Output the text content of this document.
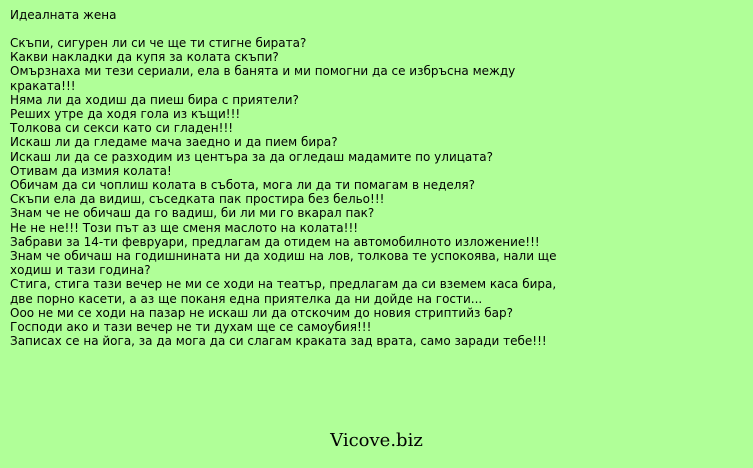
Идеалната жена
Скъпи, сигурен ли си че ще ти стигне бирата?
Какви накладки да купя за колата скъпи?
Омързнаха ми тези сериали, ела в банята и ми помогни да се избръсна между краката!!!
Няма ли да ходиш да пиеш бира с приятели?
Реших утре да ходя гола из къщи!!!
Толкова си секси като си гладен!!!
Искаш ли да гледаме мача заедно и да пием бира?
Искаш ли да се разходим из центъра за да огледаш мадамите по улицата?
Отивам да измия колата!
Обичам да си чоплиш колата в събота, мога ли да ти помагам в неделя?
Скъпи ела да видиш, съседката пак простира без бельо!!!
Знам че не обичаш да го вадиш, би ли ми го вкарал пак?
Не не не!!! Този път аз ще сменя маслото на колата!!!
Забрави за 14-ти февруари, предлагам да отидем на автомобилното изложение!!!
Знам че обичаш на годишнината ни да ходиш на лов, толкова те успокоява, нали ще ходиш и тази година?
Стига, стига тази вечер не ми се ходи на театър, предлагам да си вземем каса бира, две порно касети, а аз ще поканя една приятелка да ни дойде на гости...
Ооо не ми се ходи на пазар не искаш ли да отскочим до новия стриптийз бар?
Господи ако и тази вечер не ти духам ще се самоубия!!!
Записах се на йога, за да мога да си слагам краката зад врата, само заради тебе!!!
Vicove.biz
